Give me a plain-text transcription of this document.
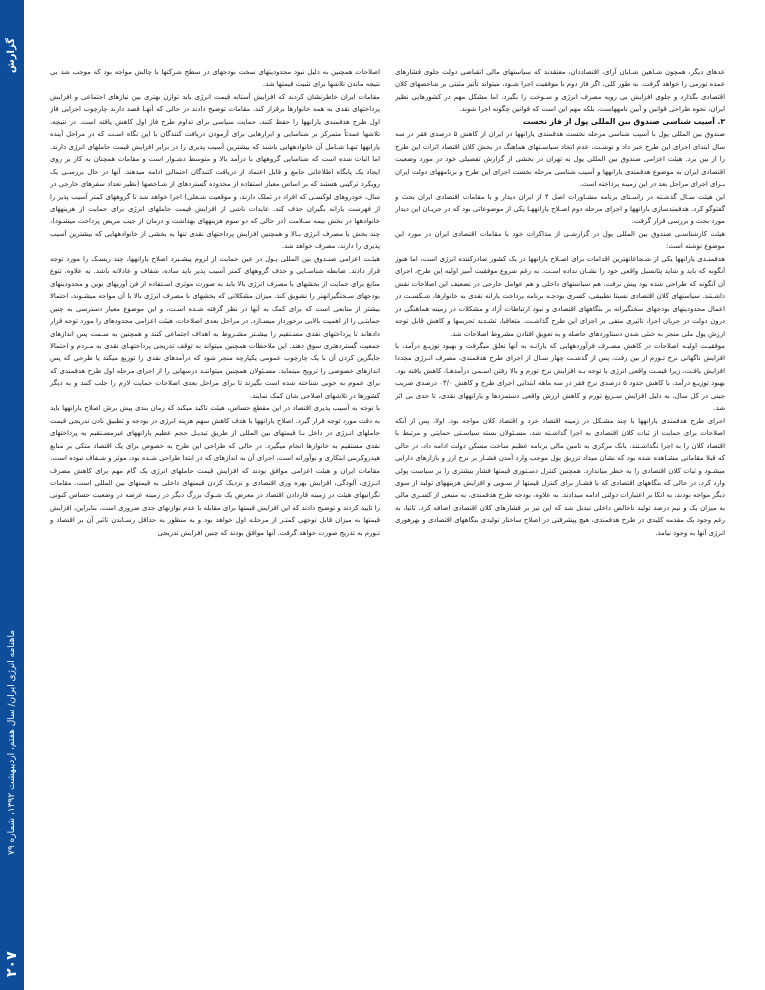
عدهای دیگر، همچون شـاهین شـایان آرای، اقتصاددان، معتقدند که سیاستهای مالی انقباضی دولت جلوی فشارهای عمده تورمی را خواهد گرفت. به طور کلی، اگر فاز دوم با موفقیت اجرا شـود، میتواند تأثیر مثبتی بر شاخصهای کلان اقتصادی بگذارد و جلوی افزایش بی رویه مصرف انرژی و سـوخت را بگیرد. اما مشکل مهم در کشورهایی نظیر ایران، نحوه طراحی قوانین و آیین نامههاست، بلکه مهم این است که قوانین چگونه اجرا شوند.

۳. آسیب شناسی صندوق بین المللی پول از فاز نخست

صندوق بین المللی پول با آسیب شناسی مرحله نخست هدفمندی یارانهها در ایران از کاهش ۵ درصدی فقر در سه سال ابتدای اجرای این طرح خبر داد و نوشـت، عدم اتخاذ سیاسـتهای هماهنگ در بخش کلان اقتصاد اثرات این طرح را از بین برد. هیئت اعزامی صندوق بین المللی پول به تهران در بخشی از گزارش تفصیلی خود در مورد وضعیت اقتصادی ایران به موضوع هدفمندی یارانهها و آسیب شناسی مرحله نخست اجرای این طرح و برنامههای دولت ایران بـرای اجرای مراحل بعد در این زمینه پرداخته است.

این هیئت سـال گذشـته در راسـتای برنامه مشـاورات اصل ۴ از ایران دیدار و با مقامات اقتصادی ایران بحث و گفتوگو کرد. هدفمندسازی یارانهها و اجرای مرحله دوم اصـلاح یارانههـا یکی از موضوعاتی بود که در جریـان این دیدار مورد بحث و بررسی قرار گرفت.

هیئت کارشناسـی صندوق بین المللی پول در گزارشـی از مذاکرات خود با مقامات اقتصادی ایران در مورد این موضوع نوشته است:

هدفمنـدی یارانهها یکی از شـجاعانهترین اقدامات برای اصـلاح یارانهها در یک کشور صادرکننده انرژی است، اما هنوز آنگونه که باید و شاید پتانسیل واقعی خود را نشـان نداده اسـت. به رغم شروع موفقیت آمیز اولیه این طرح، اجرای آن آنگونه که طراحی شده بود پیش نرفت. هم سیاستهای داخلی و هم عوامل خارجی در تضعیف این اصلاحات نقش داشـتند. سیاستهای کلان اقتصادی نسبتا تطبیقی، کسری بودجـه برنامه پرداخت یارانه نقدی به خانوارها، شـکسـت در اعمال محدودیتهای بودجهای سختگیرانه بر بنگاههای اقتصادی و نبود ارتباطات آزاد و مشکلات در زمینه هماهنگی در درون دولت در جریان اجرا، تاثیری منفی بر اجرای این طرح گذاشـت. متعاقبا، تشـدید تحریمها و کاهش قابل توجه ارزش پول ملی منجر به خنثی شدن دستاوردهای حاصله و به تعویق افتادن مشروط اصلاحات شد.

موفقیـت اولیـه اصلاحات در کاهش مصـرف فرآوردههایی که یارانـه به آنها تعلق میگرفت و بهبود توزیـع درآمد، با افزایش ناگهانی نرخ تـورم از بین رفت. پس از گذشـت چهار سـال از اجرای طرح هدفمندی، مصرف انـرژی مجددا افزایش یافـت، زیرا قیمـت واقعی انرژی با توجه بـه افزایش نرخ تورم و بالا رفتن اسـمی درآمدهـا، کاهش یافته بود. بهبود توزیـع درآمد، با کاهش حدود ۵ درصدی نرخ فقر در سه ماهه ابتدایی اجرای طرح و کاهش ۰۳/۰ درصدی ضریب جینی در کل سال، به دلیل افزایش سـریع تورم و کاهش ارزش واقعی دستمزدها و یارانههای نقدی، تا حدی بی اثر شد.

اجرای طرح هدفمندی یارانهها با چند مشـکل در زمینه اقتصاد خرد و اقتصاد کلان مواجه بود. اولا، پس از آنکه اصلاحات برای حمایت از ثبات کلان اقتصادی به اجرا گذاشـته شد، مسـئولان بسته سیاسـتی حمایتی و مرتبط با اقتصاد کلان را به اجرا نگذاشـتند. بانک مرکزی به تامین مالی برنامه عظیم ساخت مسکن دولت ادامه داد، در حالی که قبلا مقاماتی مشـاهده شده بود که نشان میداد تزریق پول موجب وارد آمدن فشـار بر نرخ ارز و بازارهای دارایی میشـود و ثبات کلان اقتصادی را به خطر میاندازد. همچنین کنترل دسـتوری قیمتها فشار بیشتری را بر سیاست پولی وارد کرد، در حالی که بنگاههای اقتصادی که با فشـار برای کنترل قیمتها از سـویی و افزایش هزینههای تولید از سوی دیگر مواجه بودند، به اتکا بر اعتبارات دولتی ادامه میدادند. به علاوه، بودجه طرح هدفمندی، به منبعی از کسـری مالی به میزان یک و نیم درصد تولید ناخالص داخلی تبدیل شد که این نیز بر فشارهای کلان اقتصادی اضافه کرد. ثانیا، به رغم وجود یک مقدمه کلیدی در طرح هدفمندی، هیچ پیشرفتی در اصلاح ساختار تولیدی بنگاههای اقتصادی و بهرهوری انرژی آنها به وجود نیامد.

اصلاحات همچنین به دلیل نبود محدودیتهای سخت بودجهای در سطح شرکتها با چالش مواجه بود که موجب شد بی نتیجه ماندن تلاشها برای تثبیت قیمتها شد.

مقامات ایران خاطرنشان کردند که افزایش آستانه قیمت انرژی باید توازن بهتری بین نیازهای اجتماعی و افزایش پرداختهای نقدی به همه خانوارها برقرار کند. مقامات توضیح دادند در حالی که آنهـا قصد دارند چارچوب اجرایی فاز اول طرح هدفمندی یارانهها را حفظ کنند، حمایت سیاسی برای تداوم طرح فاز اول کاهش یافته است. در نتیجه، تلاشها عمدتاً متمرکز بر شناسایی و ابزارهایی برای آزمودن دریافت کنندگان با این نگاه اسـت که در مراحل آینده یارانهها تنهـا شـامل آن خانوادههایی باشند که بیشترین آسیب پذیری را در برابر افزایش قیمت حاملهای انرژی دارند. اما اثبات شده است که شناسایی گروههای با درآمد بالا و متوسط دشـوار است و مقامات همچنان به کار بر روی ایجاد یک پایگاه اطلاعاتی جامع و قابل اعتماد از دریافت کنندگان احتمالی ادامه میدهند. آنها در حال بررسـی یک رویکرد ترکیبی هستند که بر اساس معیار استفاده از محدوده گستردهای از شـاخصها (نظیر تعداد سفرهای خارجی در سال، خودروهای لوکسـی که افراد در تملک دارند، و موقعیت شـغلی) اجرا خواهد شد تا گروههای کمتر آسیب پذیر را از فهرست یارانه بگیران حذف کند. عایدات ناشی از افزایش قیمت حاملهای انرژی برای حمایت از هزینههای خانوادهها در بخش بیمه سـلامت (در حالی که دو سوم هزینههای بهداشت و درمان از جیب مریض پرداخت میشـود)، چند بخش با مصرف انرژی بـالا و همچنین افزایش پرداختهای نقدی تنها به بخشی از خانوادههایی که بیشترین آسیب پذیری را دارند، مصرف خواهد شد.

هیئـت اعزامی صنـدوق بین المللی پـول در عین حمایت از لزوم پیشـبرد اصلاح یارانهها، چند ریسـک را مورد توجه قرار دادند. ضابطه شناسـایی و حذف گروههای کمتر آسیب پذیر باید ساده، شفاف و عادلانه باشد. به علاوه، تنوع منابع برای حمایت از بخشهای با مصرف انرژی بالا باید به صورت موثری اسـتفاده از فن آوریهای نوین و محدودیتهای بودجهای سـختگیرانهتر را تشویق کند. میزان مشکلاتی که بخشهای با مصرف انرژی بالا با آن مواجه میشـوند، احتمالا بیشتر از منابعی است که برای کمک به آنها در نظر گرفته شـده اسـت، و این موضوع معیار دسترسی به چنین حمایتـی را از اهمیت بالایی برخوردار میسـازد. در مراحل بعدی اصلاحات، هیئت اعزامی محدودهای را مورد توجه قرار دادهاند تا پرداختهای نقدی مسـتقیم را بیشـتر مشـروط به اهداف اجتماعی کنند و همچنین به سـمت پس اندازهای جمعیت گستردهتری سوق دهند. این ملاحظات همچنین میتواند به توقف تدریجی پرداختهـای نقدی به مـردم و احتمالا جایگزین کردن آن با یک چارچوب عمومی یکپارچه منجر شود که درآمدهای نقدی را توزیع میکند یا طرحی که پس اندازهای خصوصی را ترویج مینماید. مسـئولان همچنین میتواننـد درسهایی را از اجرای مرحله اول طرح هدفمندی که برای عموم به خوبی شناخته شده است بگیرند تا برای مراحل بعدی اصلاحات حمایت لازم را جلب کنند و به دیگر کشورها در تلاشهای اصلاحی شان کمک نمایند.

با توجه به آسیب پذیری اقتصاد در این مقطع حساس، هیئت تاکید میکند که زمان بندی پیش برش اصلاح یارانهها باید به دقت مورد توجه قرار گیرد. اصلاح یارانهها با هدف کاهش سهم هزینه انرژی در بودجه و تطبیق نادن تدریجی قیمت حاملهای انـرژی در داخل بـا قیمتهای بین المللی از طریق تبدیـل حجم عظیم یارانههای غیرمسـتقیم به پرداختهای نقدی مستقیم به خانوارها انجام میگیرد. در حالی که طراحی این طرح به خصوص برای یک اقتصاد متکی بر منابع هیدروکربنی ابتکاری و نوآورانه است، اجرای آن به اندازهای که در ابتدا طراحی شـده بود، موثر و شـفاف نبوده است.

مقامات ایران و هیئت اعزامی موافق بودند که افزایش قیمت حاملهای انرژی یک گام مهم برای کاهش مصرف انـرژی، آلودگی، افزایش بهره وری اقتصادی و نزدیک کردن قیمتهای داخلی به قیمتهای بین المللی است. مقامات نگرانیهای هیئت در زمینه قاردادن اقتصاد در معرض یک شـوک بزرگ دیگر در زمینه عرضه در وضعیت حساس کنونی را تایید کردند و توضیح دادند که این افزایش قیمتها برای مقابله با عدم توازنهای جدی ضروری است. بنابراین، افزایش قیمتها به میزان قابل توجهی کمتـر از مرحلـه اول خواهد بود و به منظور به حداقل رسـاندن تاثیر آن بر اقتصاد و تـورم به تدریج صورت خواهد گرفت. آنها موافق بودند که چنین افزایش تدریجی

گزارش
ماهنامه انرژی ایران/ سال هفتم، اردیبهشت ۱۳۹۲، شماره ۷۹
۲۰۷
